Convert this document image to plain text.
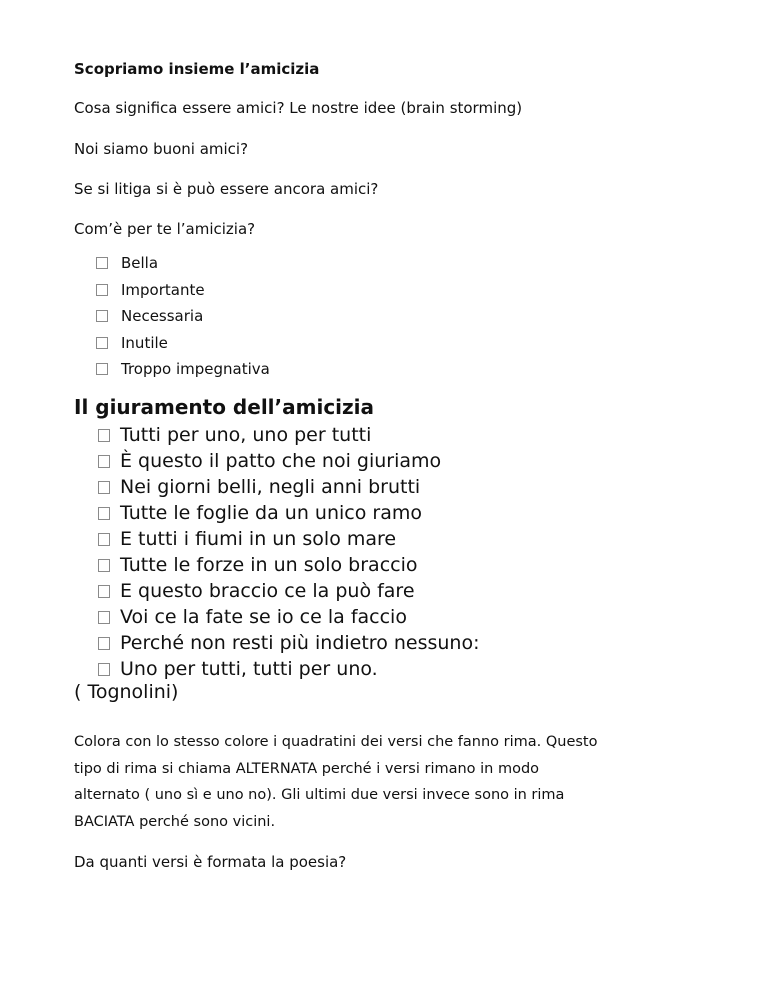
Scopriamo insieme l’amicizia
Cosa significa essere amici? Le nostre idee (brain storming)
Noi siamo buoni amici?
Se si litiga si è può essere ancora amici?
Com’è per te l’amicizia?
Bella
Importante
Necessaria
Inutile
Troppo impegnativa
Il giuramento dell’amicizia
Tutti per uno, uno per tutti
È questo il patto che noi giuriamo
Nei giorni belli, negli anni brutti
Tutte le foglie da un unico ramo
E tutti i fiumi in un solo mare
Tutte le forze in un solo braccio
E questo braccio ce la può fare
Voi ce la fate se io ce la faccio
Perché non resti più indietro nessuno:
Uno per tutti, tutti per uno.
( Tognolini)

Colora con lo stesso colore i quadratini dei versi che fanno rima. Questo
tipo di rima si chiama ALTERNATA perché i versi rimano in modo
alternato ( uno sì e uno no). Gli ultimi due versi invece sono in rima
BACIATA perché sono vicini.

Da quanti versi è formata la poesia?
